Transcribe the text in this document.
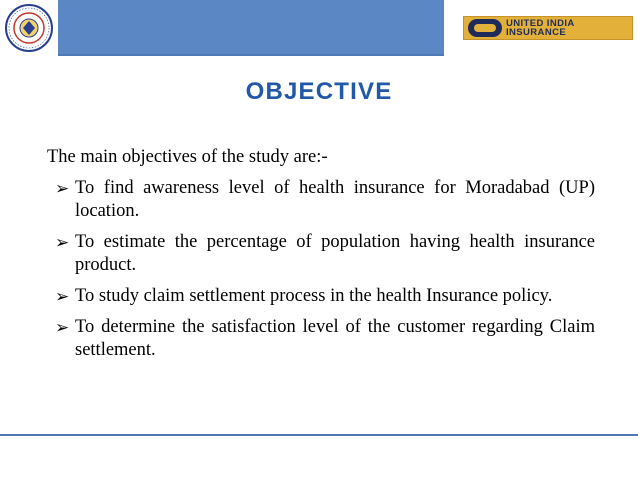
UNITED INDIA
INSURANCE
OBJECTIVE

The main objectives of the study are:-

➢ To find awareness level of health insurance for Moradabad (UP) location.
➢ To estimate the percentage of population having health insurance product.
➢ To study claim settlement process in the health Insurance policy.
➢ To determine the satisfaction level of the customer regarding Claim settlement.
